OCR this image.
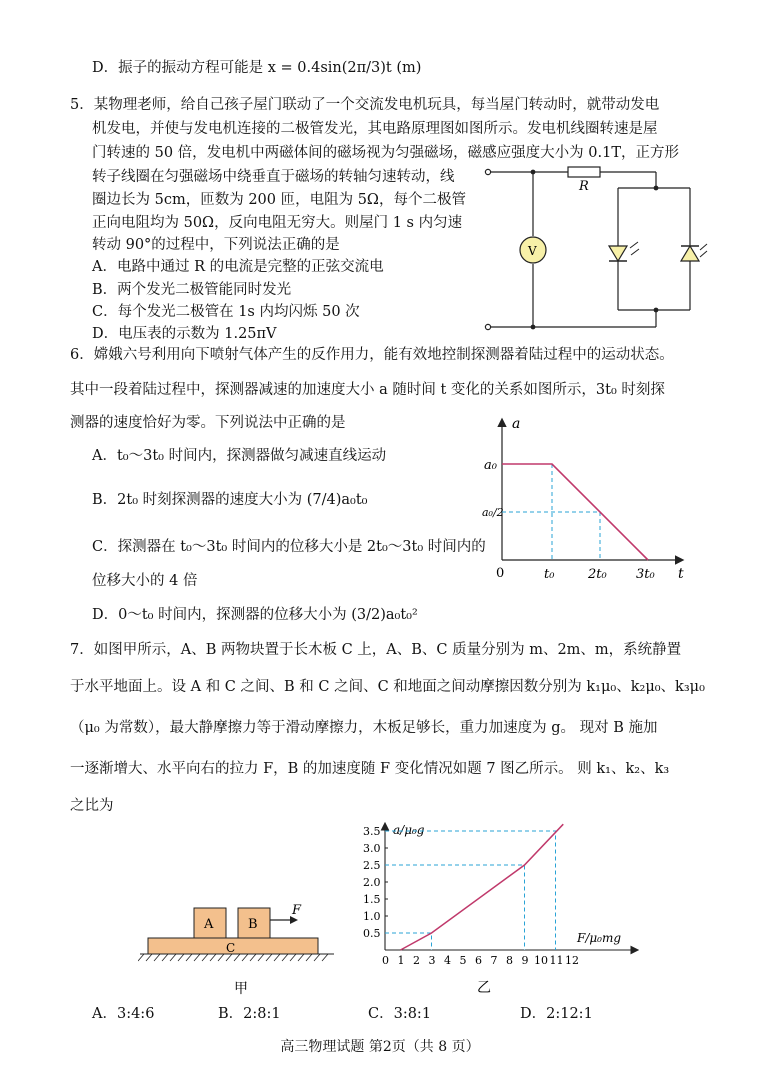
D．振子的振动方程可能是 x = 0.4sin(2π/3)t (m)
5．某物理老师，给自己孩子屋门联动了一个交流发电机玩具，每当屋门转动时，就带动发电
机发电，并使与发电机连接的二极管发光，其电路原理图如图所示。发电机线圈转速是屋
门转速的 50 倍，发电机中两磁体间的磁场视为匀强磁场，磁感应强度大小为 0.1T，正方形
转子线圈在匀强磁场中绕垂直于磁场的转轴匀速转动，线
圈边长为 5cm，匝数为 200 匝，电阻为 5Ω，每个二极管
正向电阻均为 50Ω，反向电阻无穷大。则屋门 1 s 内匀速
转动 90°的过程中，下列说法正确的是
A．电路中通过 R 的电流是完整的正弦交流电
B．两个发光二极管能同时发光
C．每个发光二极管在 1s 内均闪烁 50 次
D．电压表的示数为 1.25πV
R
V
6．嫦娥六号利用向下喷射气体产生的反作用力，能有效地控制探测器着陆过程中的运动状态。
其中一段着陆过程中，探测器减速的加速度大小 a 随时间 t 变化的关系如图所示，3t₀ 时刻探
测器的速度恰好为零。下列说法中正确的是
A．t₀～3t₀ 时间内，探测器做匀减速直线运动
B．2t₀ 时刻探测器的速度大小为 (7/4)a₀t₀
C．探测器在 t₀～3t₀ 时间内的位移大小是 2t₀～3t₀ 时间内的
位移大小的 4 倍
D．0～t₀ 时间内，探测器的位移大小为 (3/2)a₀t₀²
a
t
a₀
a₀/2
0	t₀	2t₀ 3t₀
7．如图甲所示，A、B 两物块置于长木板 C 上，A、B、C 质量分别为 m、2m、m，系统静置
于水平地面上。设 A 和 C 之间、B 和 C 之间、C 和地面之间动摩擦因数分别为 k₁μ₀、k₂μ₀、k₃μ₀
（μ₀ 为常数），最大静摩擦力等于滑动摩擦力，木板足够长，重力加速度为 g。 现对 B 施加
一逐渐增大、水平向右的拉力 F，B 的加速度随 F 变化情况如题 7 图乙所示。 则 k₁、k₂、k₃
之比为
A	B
C
F
甲
a/μ₀g
F/μ₀mg
0 1 2 3 4 5 6 7 8 9 10 11 12
0.5
1.0
1.5
2.0
2.5
3.0
3.5
乙
A．3:4:6	B．2:8:1	C．3:8:1	D．2:12:1
高三物理试题 第2页（共 8 页）
